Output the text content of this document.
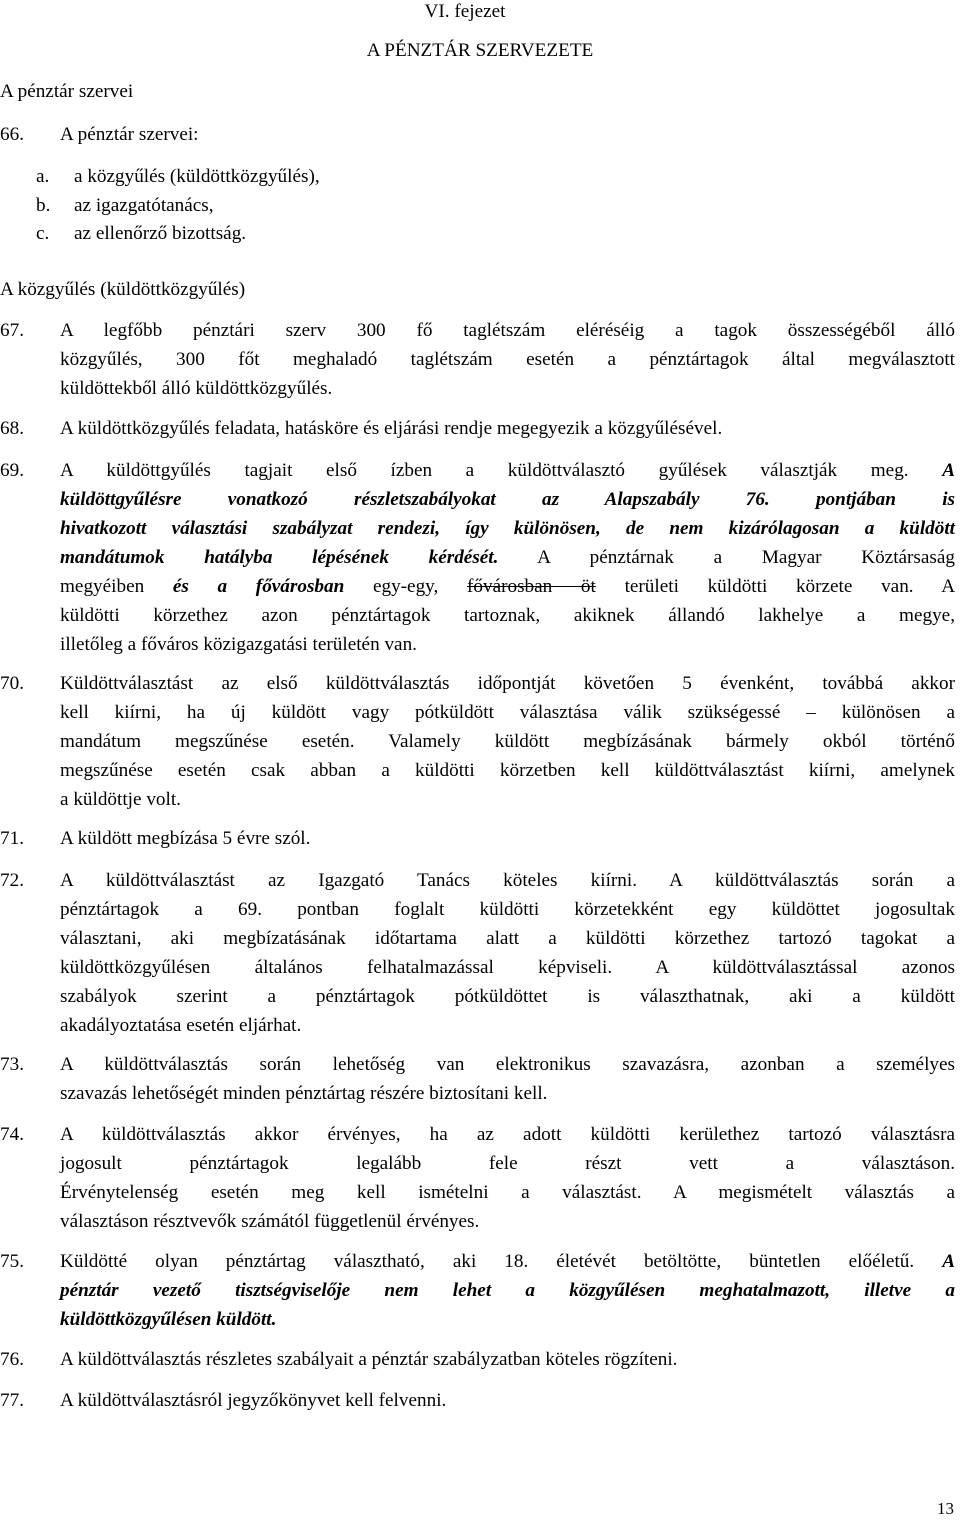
VI. fejezet
A PÉNZTÁR SZERVEZETE
A pénztár szervei
66. A pénztár szervei:
a. a közgyűlés (küldöttközgyűlés),
b. az igazgatótanács,
c. az ellenőrző bizottság.
A közgyűlés (küldöttközgyűlés)
67. A legfőbb pénztári szerv 300 fő taglétszám eléréséig a tagok összességéből álló
közgyűlés, 300 főt meghaladó taglétszám esetén a pénztártagok által megválasztott
küldöttekből álló küldöttközgyűlés.
68. A küldöttközgyűlés feladata, hatásköre és eljárási rendje megegyezik a közgyűlésével.
69. A küldöttgyűlés tagjait első ízben a küldöttválasztó gyűlések választják meg. A
küldöttgyűlésre vonatkozó részletszabályokat az Alapszabály 76. pontjában is
hivatkozott választási szabályzat rendezi, így különösen, de nem kizárólagosan a küldött
mandátumok hatályba lépésének kérdését. A pénztárnak a Magyar Köztársaság
megyéiben és a fővárosban egy-egy, fővárosban öt területi küldötti körzete van. A
küldötti körzethez azon pénztártagok tartoznak, akiknek állandó lakhelye a megye,
illetőleg a főváros közigazgatási területén van.
70. Küldöttválasztást az első küldöttválasztás időpontját követően 5 évenként, továbbá akkor
kell kiírni, ha új küldött vagy pótküldött választása válik szükségessé – különösen a
mandátum megszűnése esetén. Valamely küldött megbízásának bármely okból történő
megszűnése esetén csak abban a küldötti körzetben kell küldöttválasztást kiírni, amelynek
a küldöttje volt.
71. A küldött megbízása 5 évre szól.
72. A küldöttválasztást az Igazgató Tanács köteles kiírni. A küldöttválasztás során a
pénztártagok a 69. pontban foglalt küldötti körzetekként egy küldöttet jogosultak
választani, aki megbízatásának időtartama alatt a küldötti körzethez tartozó tagokat a
küldöttközgyűlésen általános felhatalmazással képviseli. A küldöttválasztással azonos
szabályok szerint a pénztártagok pótküldöttet is választhatnak, aki a küldött
akadályoztatása esetén eljárhat.
73. A küldöttválasztás során lehetőség van elektronikus szavazásra, azonban a személyes
szavazás lehetőségét minden pénztártag részére biztosítani kell.
74. A küldöttválasztás akkor érvényes, ha az adott küldötti kerülethez tartozó választásra
jogosult pénztártagok legalább fele részt vett a választáson.
Érvénytelenség esetén meg kell ismételni a választást. A megismételt választás a
választáson résztvevők számától függetlenül érvényes.
75. Küldötté olyan pénztártag választható, aki 18. életévét betöltötte, büntetlen előéletű. A
pénztár vezető tisztségviselője nem lehet a közgyűlésen meghatalmazott, illetve a
küldöttközgyűlésen küldött.
76. A küldöttválasztás részletes szabályait a pénztár szabályzatban köteles rögzíteni.
77. A küldöttválasztásról jegyzőkönyvet kell felvenni.
13
